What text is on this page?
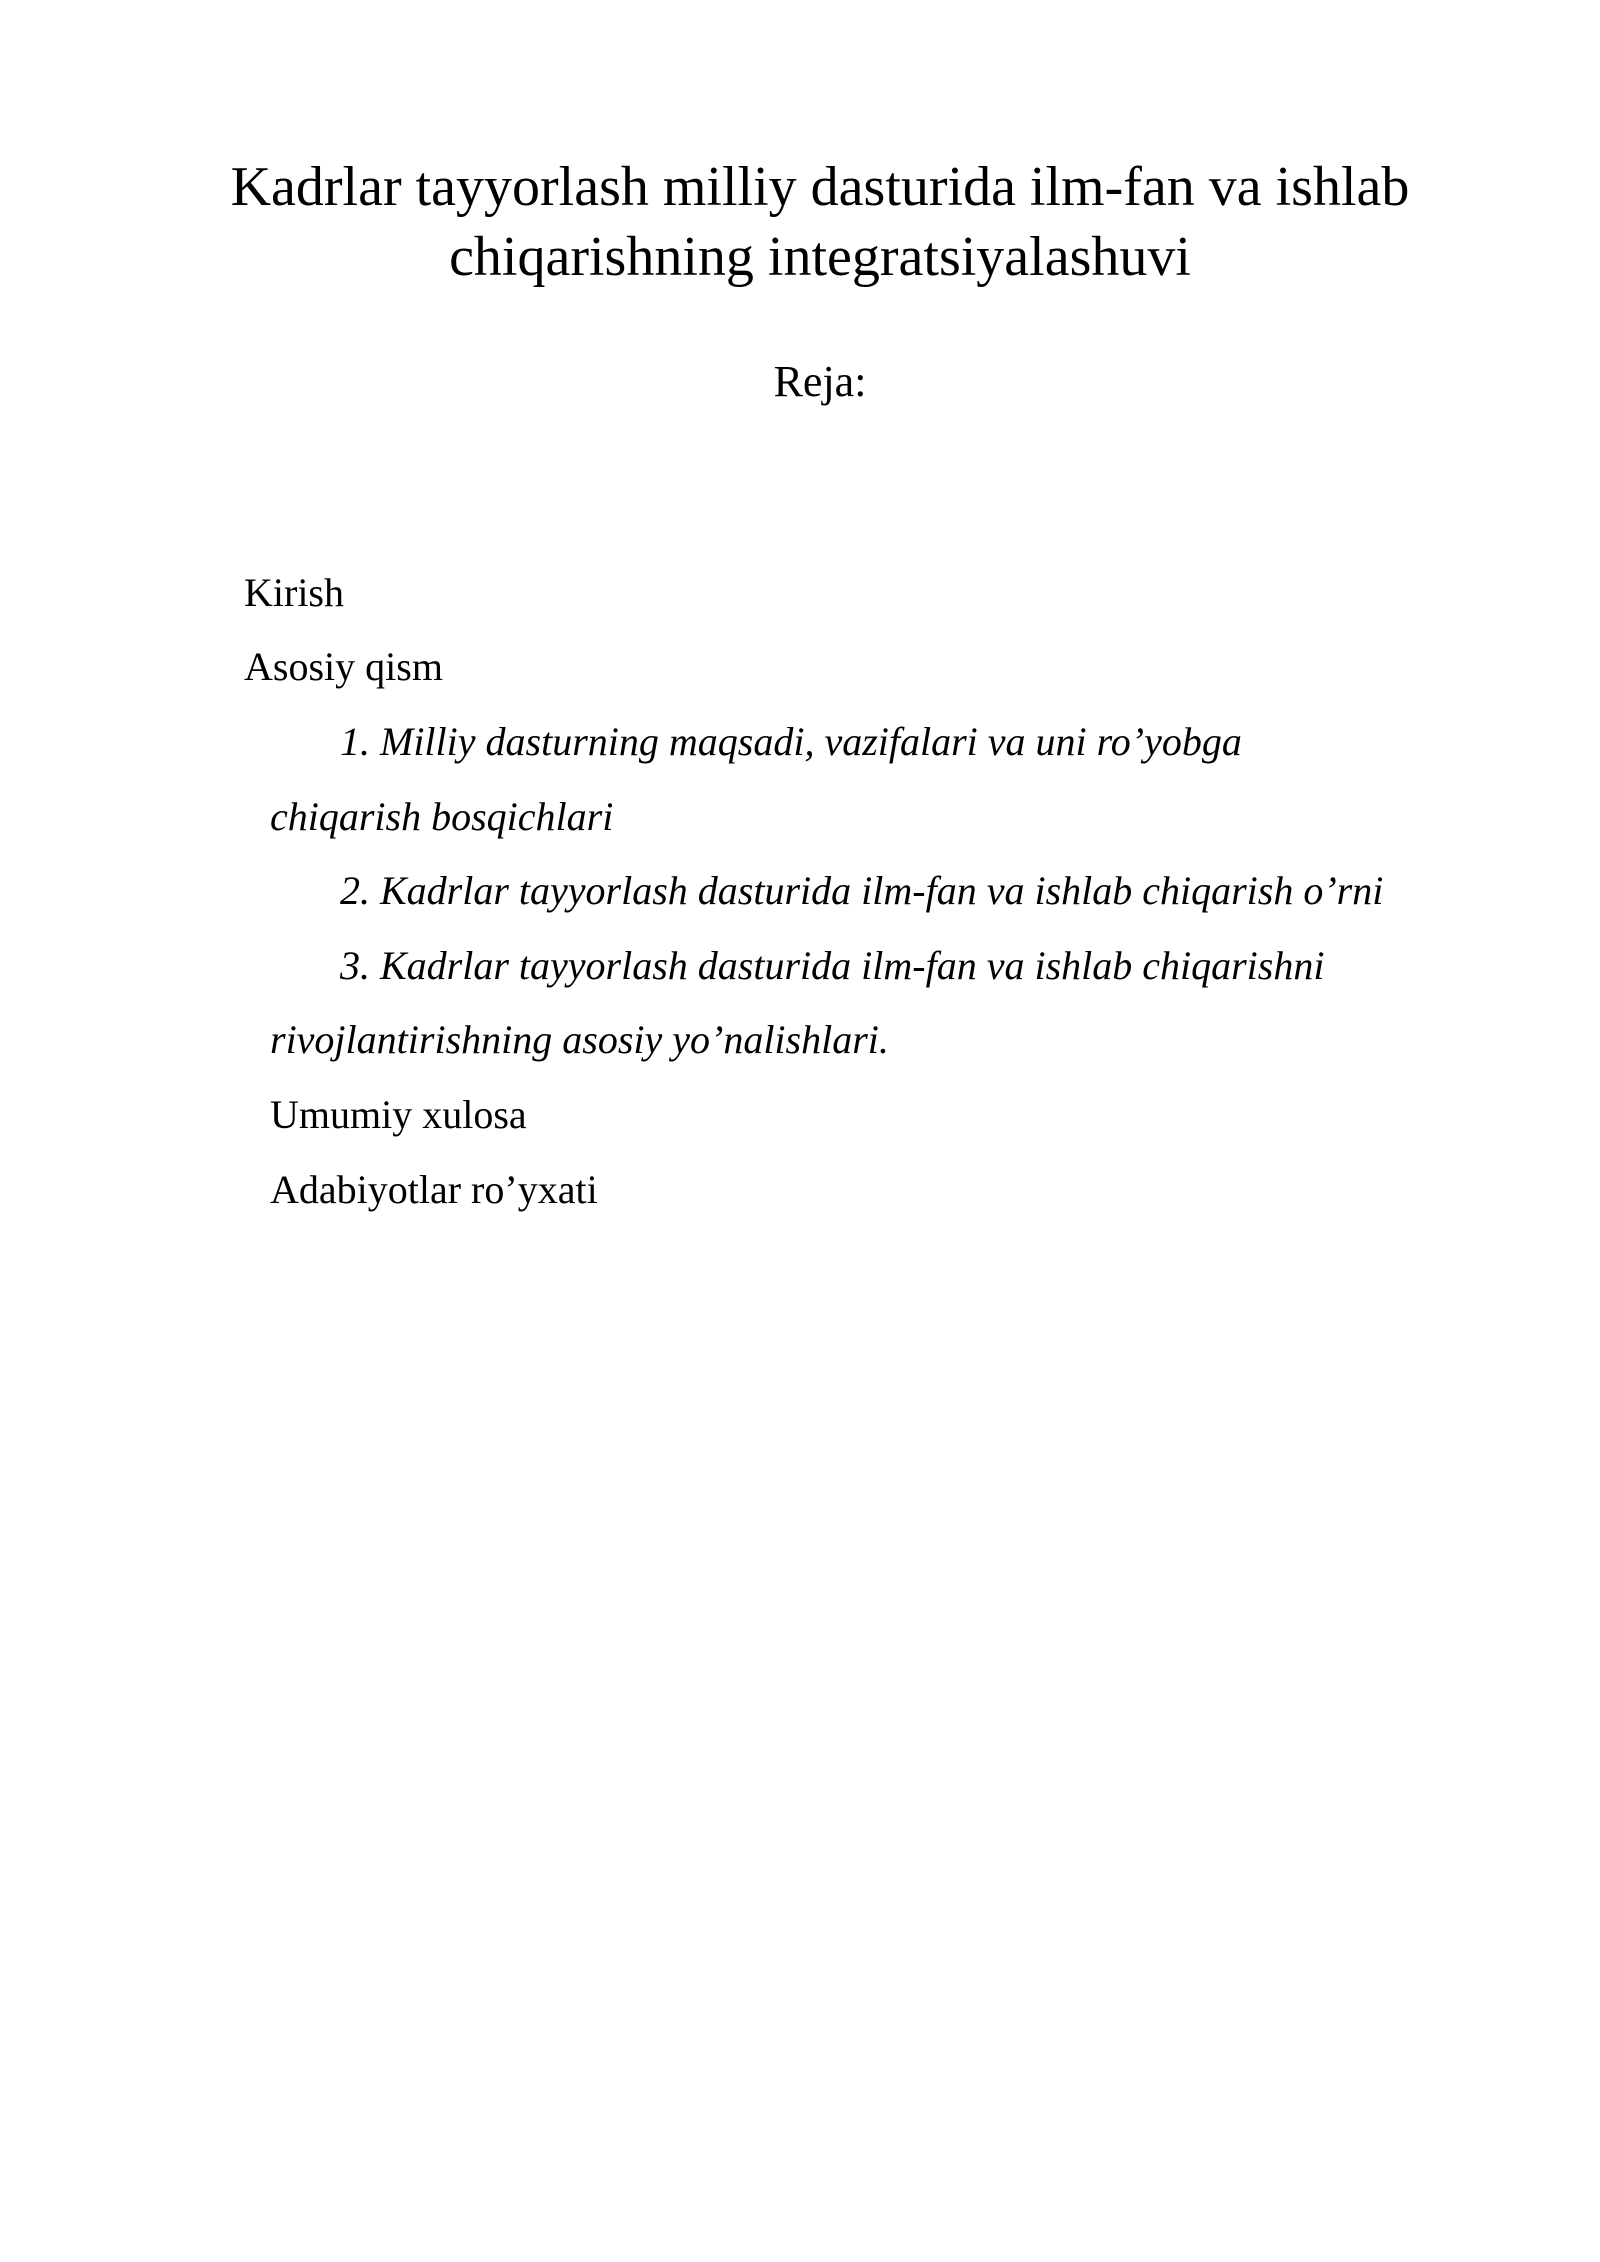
Kadrlar tayyorlash milliy dasturida ilm-fan va ishlab chiqarishning integratsiyalashuvi
Reja:

Kirish

Asosiy qism

1. Milliy dasturning maqsadi, vazifalari va uni ro’yobga

chiqarish bosqichlari

2. Kadrlar tayyorlash dasturida ilm-fan va ishlab chiqarish o’rni

3. Kadrlar tayyorlash dasturida ilm-fan va ishlab chiqarishni

rivojlantirishning asosiy yo’nalishlari.

Umumiy xulosa

Adabiyotlar ro’yxati
